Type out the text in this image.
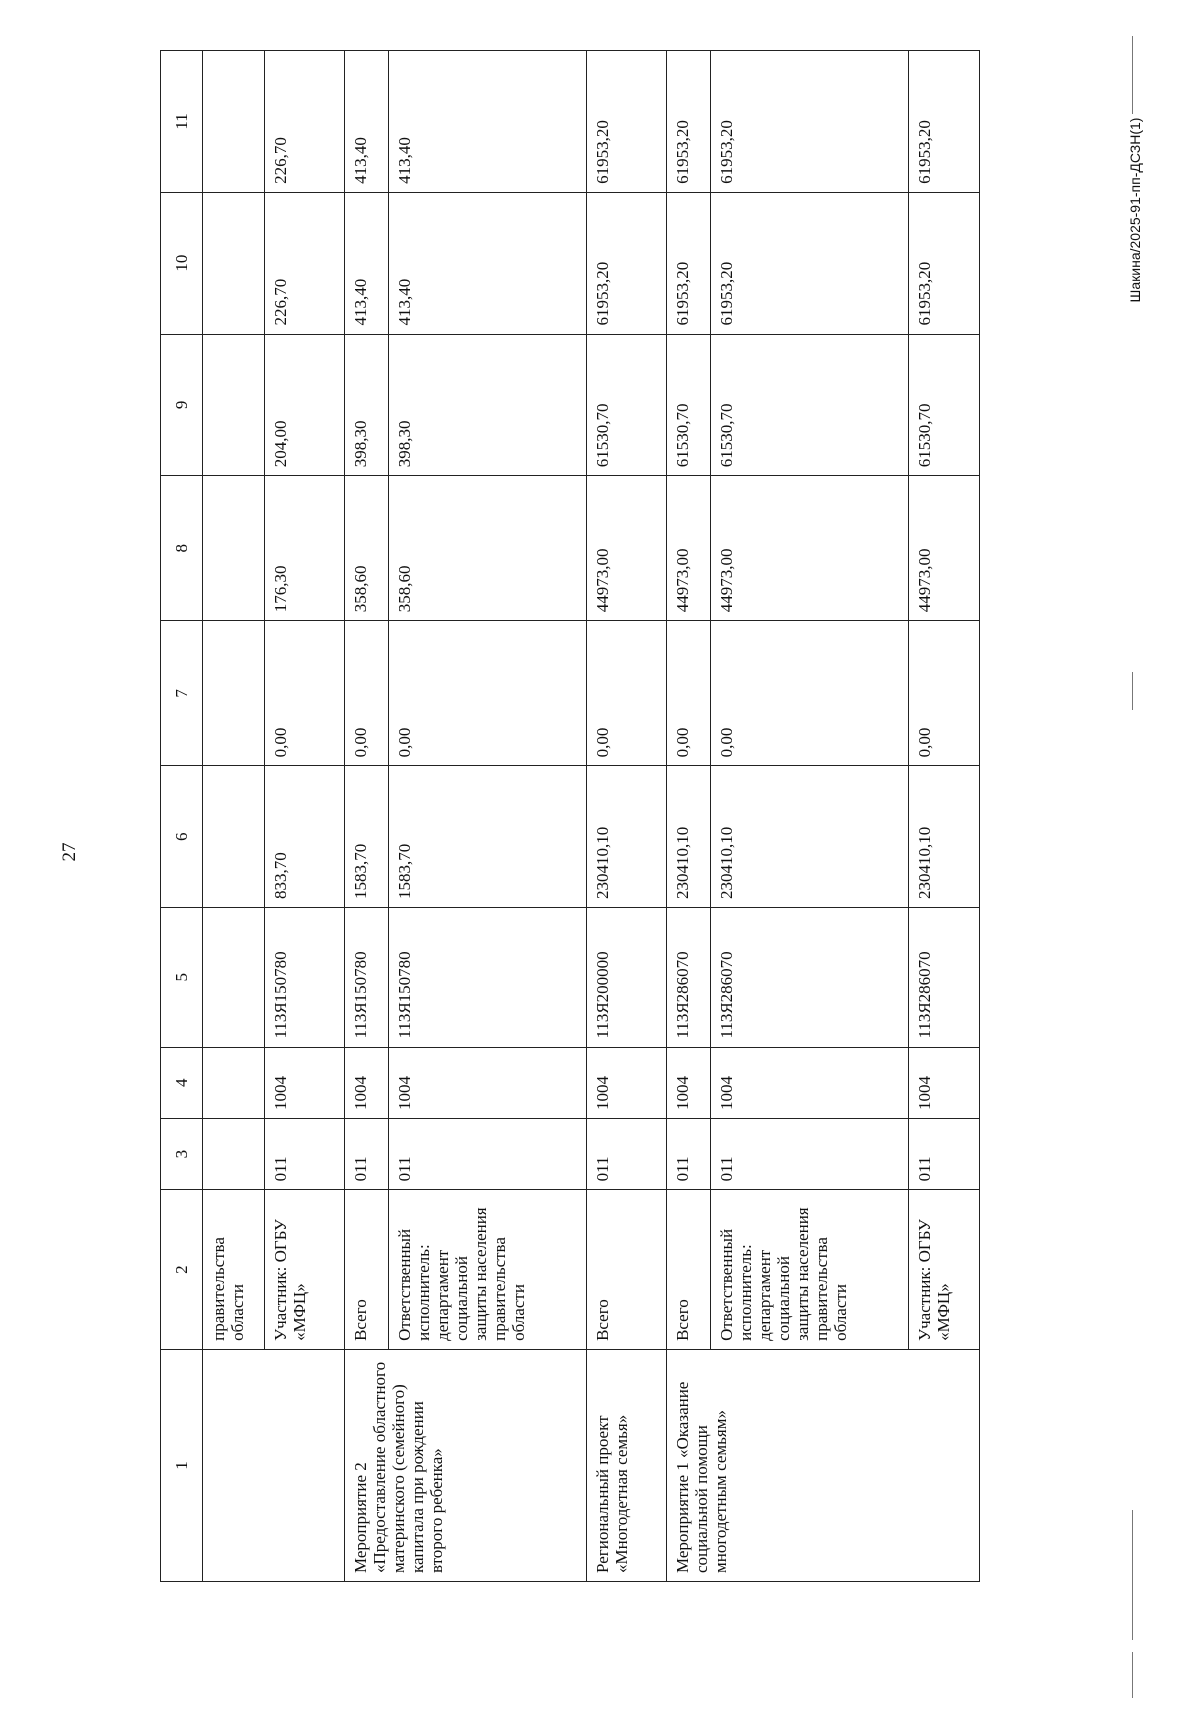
27
Шакина/2025-91-пп-ДСЗН(1)
1	2	3	4	5	6	7	8	9	10	11
	правительства области									
	Участник: ОГБУ «МФЦ»	011	1004	113Я150780	833,70	0,00	176,30	204,00	226,70	226,70
Мероприятие 2 «Предоставление областного материнского (семейного) капитала при рождении второго ребенка»	Всего	011	1004	113Я150780	1583,70	0,00	358,60	398,30	413,40	413,40
	Ответственный исполнитель: департамент социальной защиты населения правительства области	011	1004	113Я150780	1583,70	0,00	358,60	398,30	413,40	413,40
Региональный проект «Многодетная семья»	Всего	011	1004	113Я200000	230410,10	0,00	44973,00	61530,70	61953,20	61953,20
Мероприятие 1 «Оказание социальной помощи многодетным семьям»	Всего	011	1004	113Я286070	230410,10	0,00	44973,00	61530,70	61953,20	61953,20
	Ответственный исполнитель: департамент социальной защиты населения правительства области	011	1004	113Я286070	230410,10	0,00	44973,00	61530,70	61953,20	61953,20
	Участник: ОГБУ «МФЦ»	011	1004	113Я286070	230410,10	0,00	44973,00	61530,70	61953,20	61953,20
